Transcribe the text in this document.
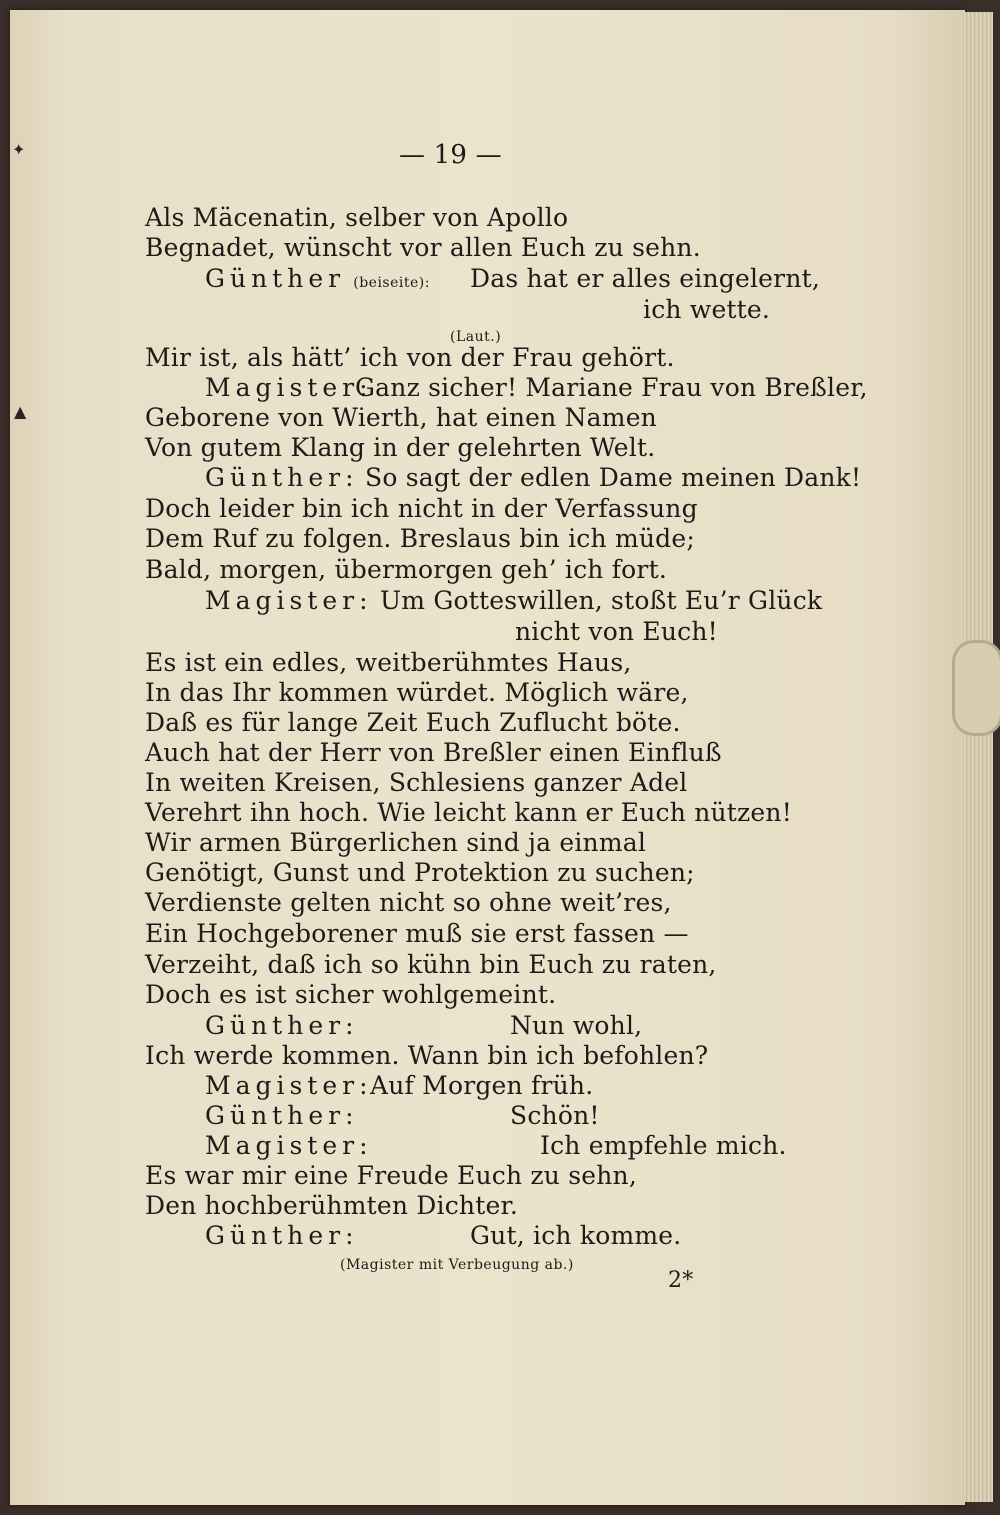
✦
▲
— 19 —
Als Mäcenatin, selber von Apollo
Begnadet, wünscht vor allen Euch zu sehn.
Günther (beiseite): Das hat er alles eingelernt,
ich wette.
(Laut.)
Mir ist, als hätt’ ich von der Frau gehört.
Magister:
Ganz sicher! Mariane Frau von Breßler,
Geborene von Wierth, hat einen Namen
Von gutem Klang in der gelehrten Welt.
Günther: So sagt der edlen Dame meinen Dank!
Doch leider bin ich nicht in der Verfassung
Dem Ruf zu folgen. Breslaus bin ich müde;
Bald, morgen, übermorgen geh’ ich fort.
Magister: Um Gotteswillen, stoßt Eu’r Glück
nicht von Euch!
Es ist ein edles, weitberühmtes Haus,
In das Ihr kommen würdet. Möglich wäre,
Daß es für lange Zeit Euch Zuflucht böte.
Auch hat der Herr von Breßler einen Einfluß
In weiten Kreisen, Schlesiens ganzer Adel
Verehrt ihn hoch. Wie leicht kann er Euch nützen!
Wir armen Bürgerlichen sind ja einmal
Genötigt, Gunst und Protektion zu suchen;
Verdienste gelten nicht so ohne weit’res,
Ein Hochgeborener muß sie erst fassen —
Verzeiht, daß ich so kühn bin Euch zu raten,
Doch es ist sicher wohlgemeint.
Günther:	Nun wohl,
Ich werde kommen. Wann bin ich befohlen?
Magister:
Auf Morgen früh.
Günther:	Schön!
Magister:	Ich empfehle mich.
Es war mir eine Freude Euch zu sehn,
Den hochberühmten Dichter.
Günther:	Gut, ich komme.
(Magister mit Verbeugung ab.)
2*
